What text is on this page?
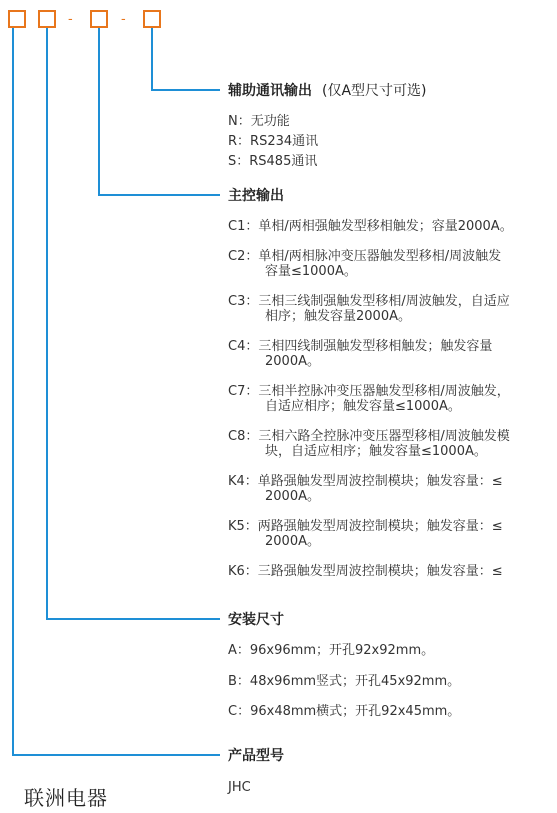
-	-
辅助通讯输出 (仅A型尺寸可选)
N：无功能
R：RS234通讯
S：RS485通讯
主控输出
C1：单相/两相强触发型移相触发；容量2000A。
C2：单相/两相脉冲变压器触发型移相/周波触发
容量≤1000A。
C3：三相三线制强触发型移相/周波触发，自适应
相序；触发容量2000A。
C4：三相四线制强触发型移相触发；触发容量
2000A。
C7：三相半控脉冲变压器触发型移相/周波触发，
自适应相序；触发容量≤1000A。
C8：三相六路全控脉冲变压器型移相/周波触发模
块，自适应相序；触发容量≤1000A。
K4：单路强触发型周波控制模块；触发容量：≤
2000A。
K5：两路强触发型周波控制模块；触发容量：≤
2000A。
K6：三路强触发型周波控制模块；触发容量：≤
安装尺寸
A：96x96mm；开孔92x92mm。
B：48x96mm竖式；开孔45x92mm。
C：96x48mm横式；开孔92x45mm。
产品型号
JHC
联洲电器
